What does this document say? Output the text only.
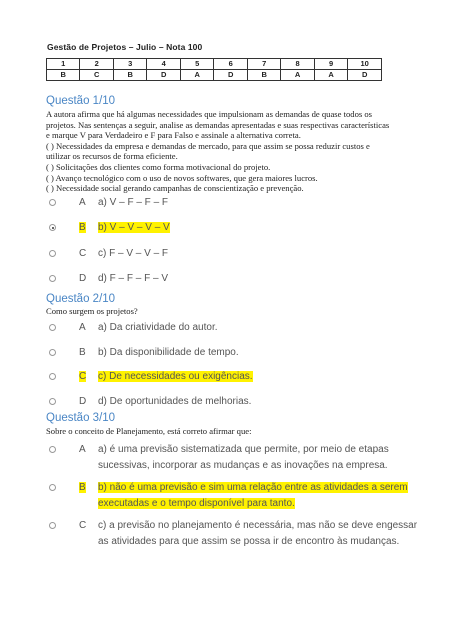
Gestão de Projetos – Julio – Nota 100
1	2	3	4	5	6	7	8	9	10
B	C	B	D	A	D	B	A	A	D
Questão 1/10

A autora afirma que há algumas necessidades que impulsionam as demandas de quase todos os

projetos. Nas sentenças a seguir, analise as demandas apresentadas e suas respectivas características

e marque V para Verdadeiro e F para Falso e assinale a alternativa correta.

( ) Necessidades da empresa e demandas de mercado, para que assim se possa reduzir custos e

utilizar os recursos de forma eficiente.

( ) Solicitações dos clientes como forma motivacional do projeto.

( ) Avanço tecnológico com o uso de novos softwares, que gera maiores lucros.

( ) Necessidade social gerando campanhas de conscientização e prevenção.

A a) V – F – F – F
B b) V – V – V – V
C c) F – V – V – F
D d) F – F – F – V
Questão 2/10
Como surgem os projetos?
A a) Da criatividade do autor.
B b) Da disponibilidade de tempo.
C c) De necessidades ou exigências.
D d) De oportunidades de melhorias.
Questão 3/10
Sobre o conceito de Planejamento, está correto afirmar que:
A a) é uma previsão sistematizada que permite, por meio de etapas
sucessivas, incorporar as mudanças e as inovações na empresa.
B b) não é uma previsão e sim uma relação entre as atividades a serem
executadas e o tempo disponível para tanto.
C c) a previsão no planejamento é necessária, mas não se deve engessar
as atividades para que assim se possa ir de encontro às mudanças.
